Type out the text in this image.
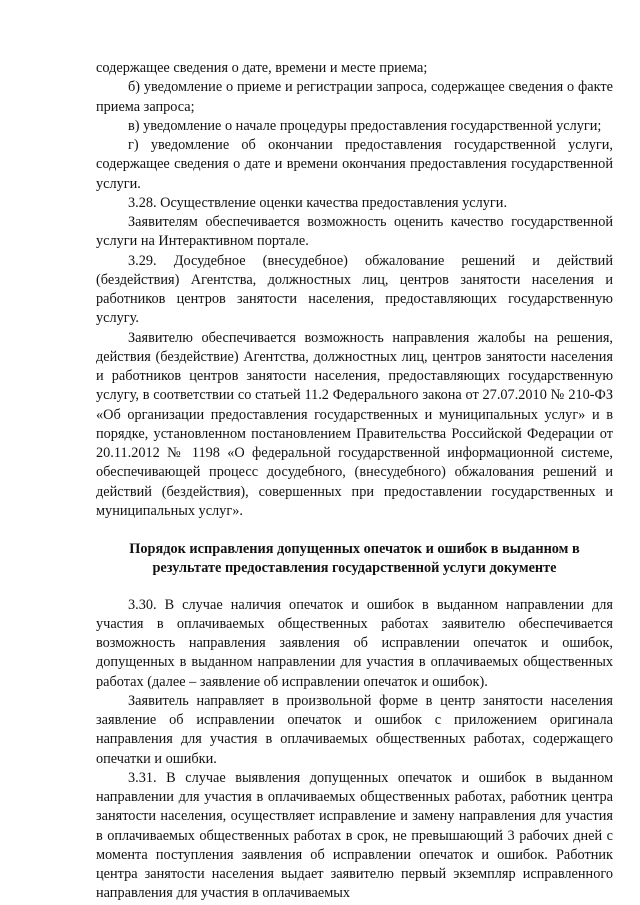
содержащее сведения о дате, времени и месте приема;

б) уведомление о приеме и регистрации запроса, содержащее сведения о факте приема запроса;

в) уведомление о начале процедуры предоставления государственной услуги;

г) уведомление об окончании предоставления государственной услуги, содержащее сведения о дате и времени окончания предоставления государственной услуги.

3.28. Осуществление оценки качества предоставления услуги.

Заявителям обеспечивается возможность оценить качество государственной услуги на Интерактивном портале.

3.29. Досудебное (внесудебное) обжалование решений и действий (бездействия) Агентства, должностных лиц, центров занятости населения и работников центров занятости населения, предоставляющих государственную услугу.

Заявителю обеспечивается возможность направления жалобы на решения, действия (бездействие) Агентства, должностных лиц, центров занятости населения и работников центров занятости населения, предоставляющих государственную услугу, в соответствии со статьей 11.2 Федерального закона от 27.07.2010 № 210-ФЗ «Об организации предоставления государственных и муниципальных услуг» и в порядке, установленном постановлением Правительства Российской Федерации от 20.11.2012 № 1198 «О федеральной государственной информационной системе, обеспечивающей процесс досудебного, (внесудебного) обжалования решений и действий (бездействия), совершенных при предоставлении государственных и муниципальных услуг».

Порядок исправления допущенных опечаток и ошибок в выданном в результате предоставления государственной услуги документе

3.30. В случае наличия опечаток и ошибок в выданном направлении для участия в оплачиваемых общественных работах заявителю обеспечивается возможность направления заявления об исправлении опечаток и ошибок, допущенных в выданном направлении для участия в оплачиваемых общественных работах (далее – заявление об исправлении опечаток и ошибок).

Заявитель направляет в произвольной форме в центр занятости населения заявление об исправлении опечаток и ошибок с приложением оригинала направления для участия в оплачиваемых общественных работах, содержащего опечатки и ошибки.

3.31. В случае выявления допущенных опечаток и ошибок в выданном направлении для участия в оплачиваемых общественных работах, работник центра занятости населения, осуществляет исправление и замену направления для участия в оплачиваемых общественных работах в срок, не превышающий 3 рабочих дней с момента поступления заявления об исправлении опечаток и ошибок. Работник центра занятости населения выдает заявителю первый экземпляр исправленного направления для участия в оплачиваемых
